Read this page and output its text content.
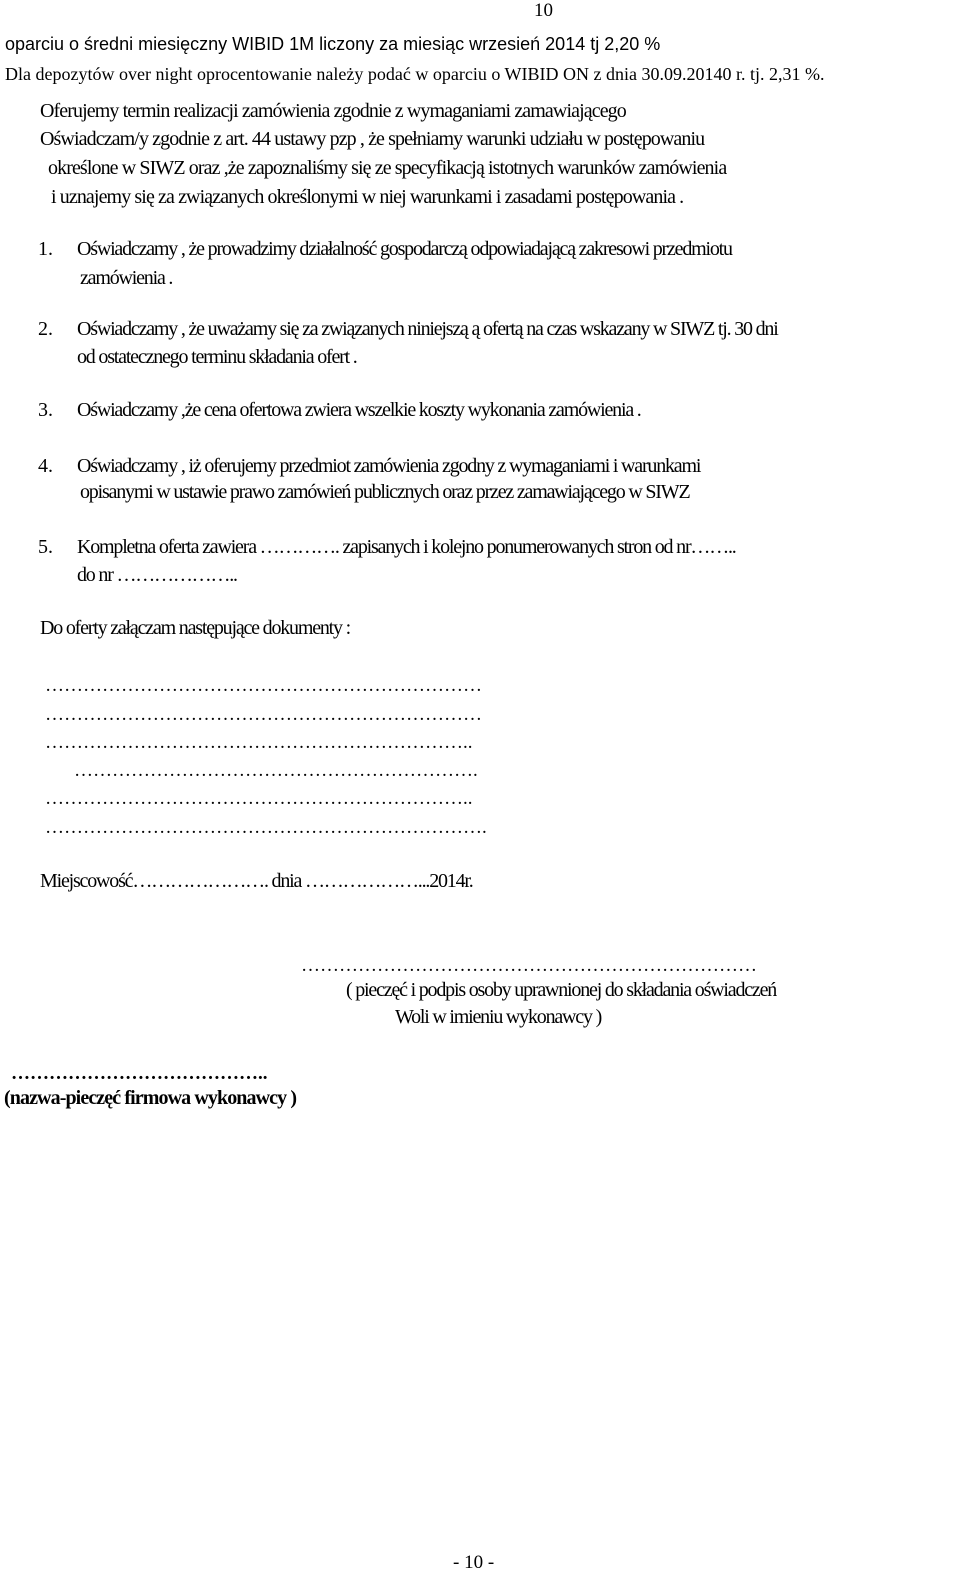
10
oparciu o średni miesięczny WIBID 1M liczony za miesiąc wrzesień 2014 tj 2,20 %
Dla depozytów over night oprocentowanie należy podać w oparciu o WIBID ON z dnia 30.09.20140 r. tj. 2,31 %.
Oferujemy termin realizacji zamówienia zgodnie z wymaganiami zamawiającego
Oświadczam/y zgodnie z art. 44 ustawy pzp , że spełniamy warunki udziału w postępowaniu
określone w SIWZ oraz ,że zapoznaliśmy się ze specyfikacją istotnych warunków zamówienia
i uznajemy się za związanych określonymi w niej warunkami i zasadami postępowania .
1. Oświadczamy , że prowadzimy działalność gospodarczą odpowiadającą zakresowi przedmiotu
zamówienia .
2. Oświadczamy , że uważamy się za związanych niniejszą ą ofertą na czas wskazany w SIWZ tj. 30 dni
od ostatecznego terminu składania ofert .
3. Oświadczamy ,że cena ofertowa zwiera wszelkie koszty wykonania zamówienia .
4. Oświadczamy , iż oferujemy przedmiot zamówienia zgodny z wymaganiami i warunkami
opisanymi w ustawie prawo zamówień publicznych oraz przez zamawiającego w SIWZ
5. Kompletna oferta zawiera …………. zapisanych i kolejno ponumerowanych stron od nr……..
do nr ………………..
Do oferty załączam następujące dokumenty :
……………………………………………………………
……………………………………………………………
…………………………………………………………..
……………………………………………………….
…………………………………………………………..
…………………………………………………………….
Miejscowość…………………. dnia ………………...2014r.
………………………………………………………………
( pieczęć i podpis osoby uprawnionej do składania oświadczeń
Woli w imieniu wykonawcy )
…………………………………..
(nazwa-pieczęć firmowa wykonawcy )
- 10 -
